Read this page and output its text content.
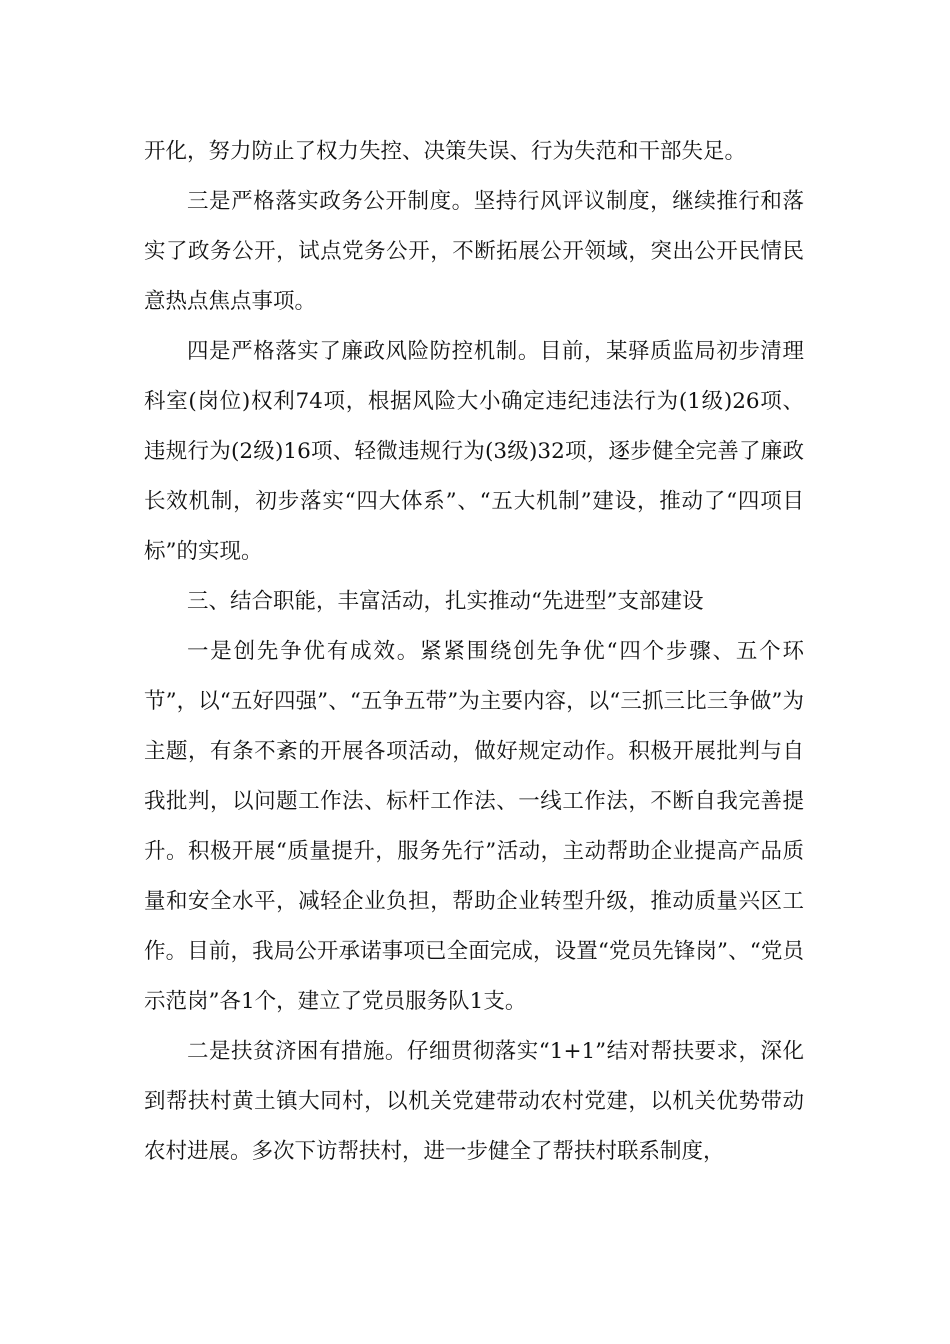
开化，努力防止了权力失控、决策失误、行为失范和干部失足。

三是严格落实政务公开制度。坚持行风评议制度，继续推行和落实了政务公开，试点党务公开，不断拓展公开领域，突出公开民情民意热点焦点事项。

四是严格落实了廉政风险防控机制。目前，某驿质监局初步清理科室(岗位)权利74项，根据风险大小确定违纪违法行为(1级)26项、违规行为(2级)16项、轻微违规行为(3级)32项，逐步健全完善了廉政长效机制，初步落实“四大体系”、“五大机制”建设，推动了“四项目标”的实现。

三、结合职能，丰富活动，扎实推动“先进型”支部建设

一是创先争优有成效。紧紧围绕创先争优“四个步骤、五个环节”，以“五好四强”、“五争五带”为主要内容，以“三抓三比三争做”为主题，有条不紊的开展各项活动，做好规定动作。积极开展批判与自我批判，以问题工作法、标杆工作法、一线工作法，不断自我完善提升。积极开展“质量提升，服务先行”活动，主动帮助企业提高产品质量和安全水平，减轻企业负担，帮助企业转型升级，推动质量兴区工作。目前，我局公开承诺事项已全面完成，设置“党员先锋岗”、“党员示范岗”各1个，建立了党员服务队1支。

二是扶贫济困有措施。仔细贯彻落实“1+1”结对帮扶要求，深化到帮扶村黄土镇大同村，以机关党建带动农村党建，以机关优势带动农村进展。多次下访帮扶村，进一步健全了帮扶村联系制度，
